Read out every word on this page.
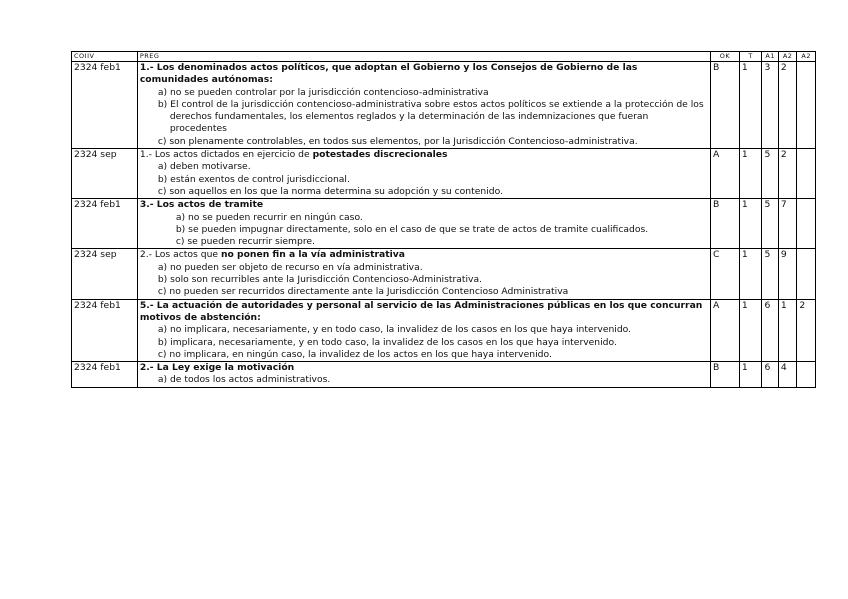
COIIV	PREG	OK	T	A1	A2	A2
2324 feb1	1.- Los denominados actos políticos, que adoptan el Gobierno y los Consejos de Gobierno de las comunidades autónomas:
a) no se pueden controlar por la jurisdicción contencioso-administrativa
b) El control de la jurisdicción contencioso-administrativa sobre estos actos políticos se extiende a la protección de los derechos fundamentales, los elementos reglados y la determinación de las indemnizaciones que fueran procedentes
c) son plenamente controlables, en todos sus elementos, por la Jurisdicción Contencioso-administrativa.	B	1	3	2	
2324 sep	1.- Los actos dictados en ejercicio de potestades discrecionales
a) deben motivarse.
b) están exentos de control jurisdiccional.
c) son aquellos en los que la norma determina su adopción y su contenido.	A	1	5	2	
2324 feb1	3.- Los actos de tramite
a) no se pueden recurrir en ningún caso.
b) se pueden impugnar directamente, solo en el caso de que se trate de actos de tramite cualificados.
c) se pueden recurrir siempre.	B	1	5	7	
2324 sep	2.- Los actos que no ponen fin a la vía administrativa
a) no pueden ser objeto de recurso en vía administrativa.
b) solo son recurribles ante la Jurisdicción Contencioso-Administrativa.
c) no pueden ser recurridos directamente ante la Jurisdicción Contencioso Administrativa	C	1	5	9	
2324 feb1	5.- La actuación de autoridades y personal al servicio de las Administraciones públicas en los que concurran motivos de abstención:
a) no implicara, necesariamente, y en todo caso, la invalidez de los casos en los que haya intervenido.
b) implicara, necesariamente, y en todo caso, la invalidez de los casos en los que haya intervenido.
c) no implicara, en ningún caso, la invalidez de los actos en los que haya intervenido.	A	1	6	1	2
2324 feb1	2.- La Ley exige la motivación
a) de todos los actos administrativos.	B	1	6	4	
